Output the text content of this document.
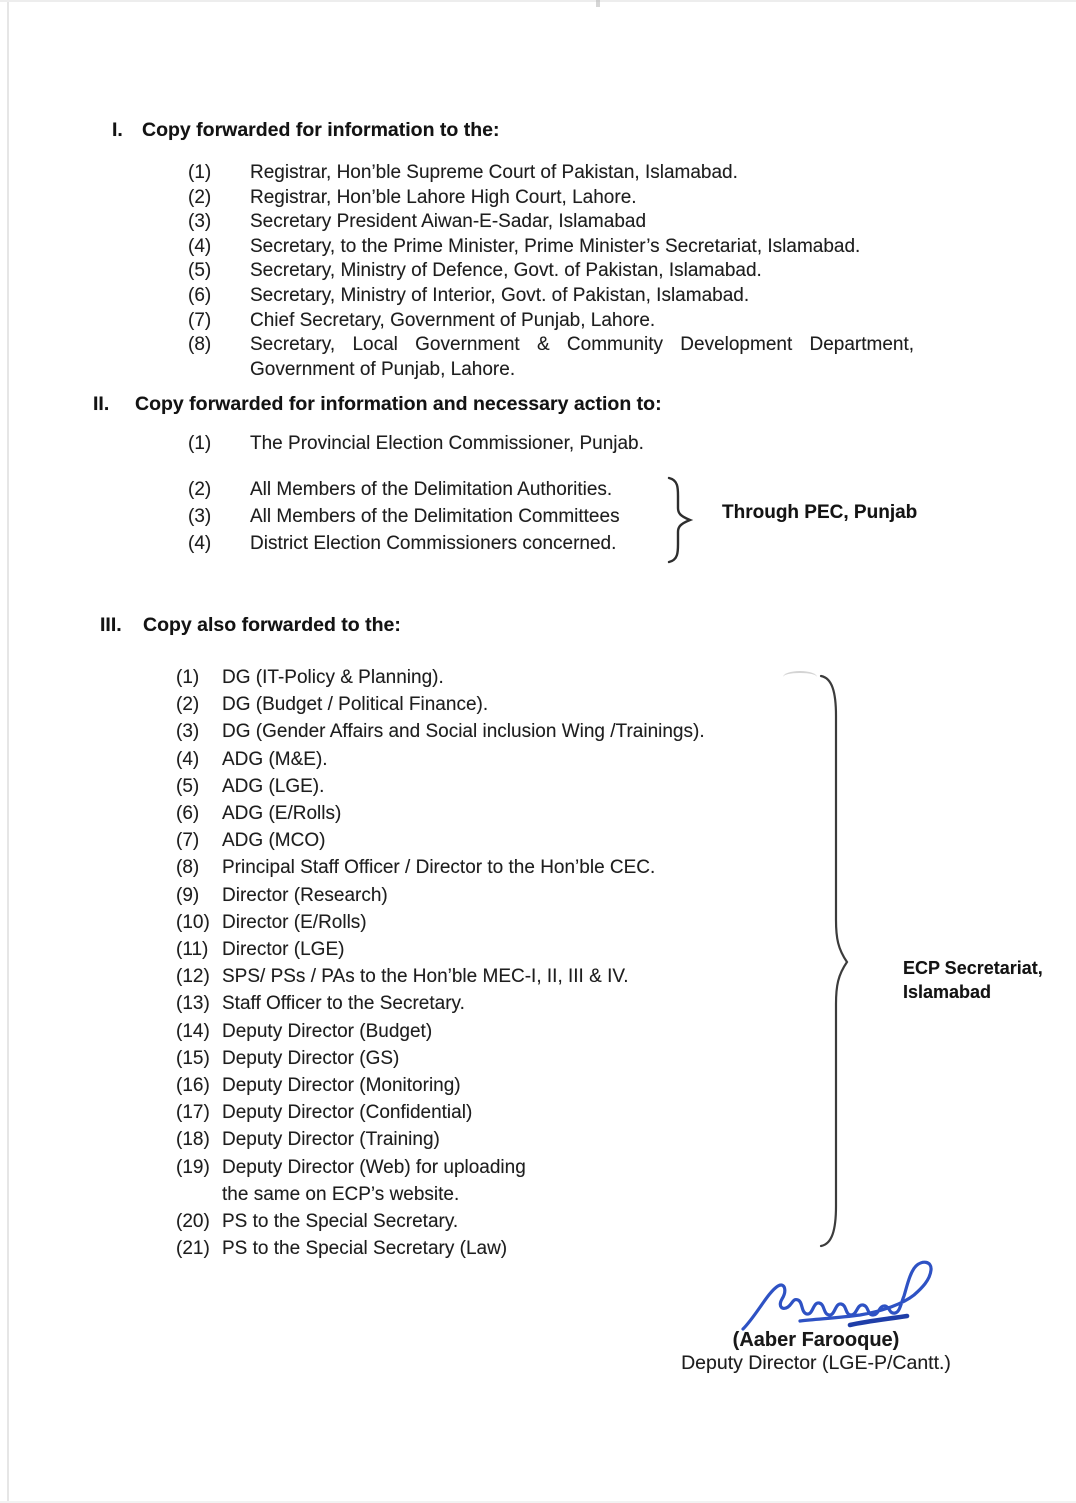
I. Copy forwarded for information to the:
(1)	Registrar, Hon’ble Supreme Court of Pakistan, Islamabad.
(2)	Registrar, Hon’ble Lahore High Court, Lahore.
(3)	Secretary President Aiwan-E-Sadar, Islamabad
(4)	Secretary, to the Prime Minister, Prime Minister’s Secretariat, Islamabad.
(5)	Secretary, Ministry of Defence, Govt. of Pakistan, Islamabad.
(6)	Secretary, Ministry of Interior, Govt. of Pakistan, Islamabad.
(7)	Chief Secretary, Government of Punjab, Lahore.
(8)	Secretary, Local Government & Community Development Department,
Government of Punjab, Lahore.
II.	Copy forwarded for information and necessary action to:
(1)	The Provincial Election Commissioner, Punjab.
(2)	All Members of the Delimitation Authorities.
(3)	All Members of the Delimitation Committees
(4)	District Election Commissioners concerned.
Through PEC, Punjab
III.	Copy also forwarded to the:
(1)	DG (IT-Policy & Planning).
(2)	DG (Budget / Political Finance).
(3)	DG (Gender Affairs and Social inclusion Wing /Trainings).
(4)	ADG (M&E).
(5)	ADG (LGE).
(6)	ADG (E/Rolls)
(7)	ADG (MCO)
(8)	Principal Staff Officer / Director to the Hon’ble CEC.
(9)	Director (Research)
(10) Director (E/Rolls)
(11) Director (LGE)
(12) SPS/ PSs / PAs to the Hon’ble MEC-I, II, III & IV.
(13) Staff Officer to the Secretary.
(14) Deputy Director (Budget)
(15) Deputy Director (GS)
(16) Deputy Director (Monitoring)
(17) Deputy Director (Confidential)
(18) Deputy Director (Training)
(19) Deputy Director (Web) for uploading
the same on ECP’s website.
(20) PS to the Special Secretary.
(21) PS to the Special Secretary (Law)
ECP Secretariat,
Islamabad
(Aaber Farooque)
Deputy Director (LGE-P/Cantt.)
